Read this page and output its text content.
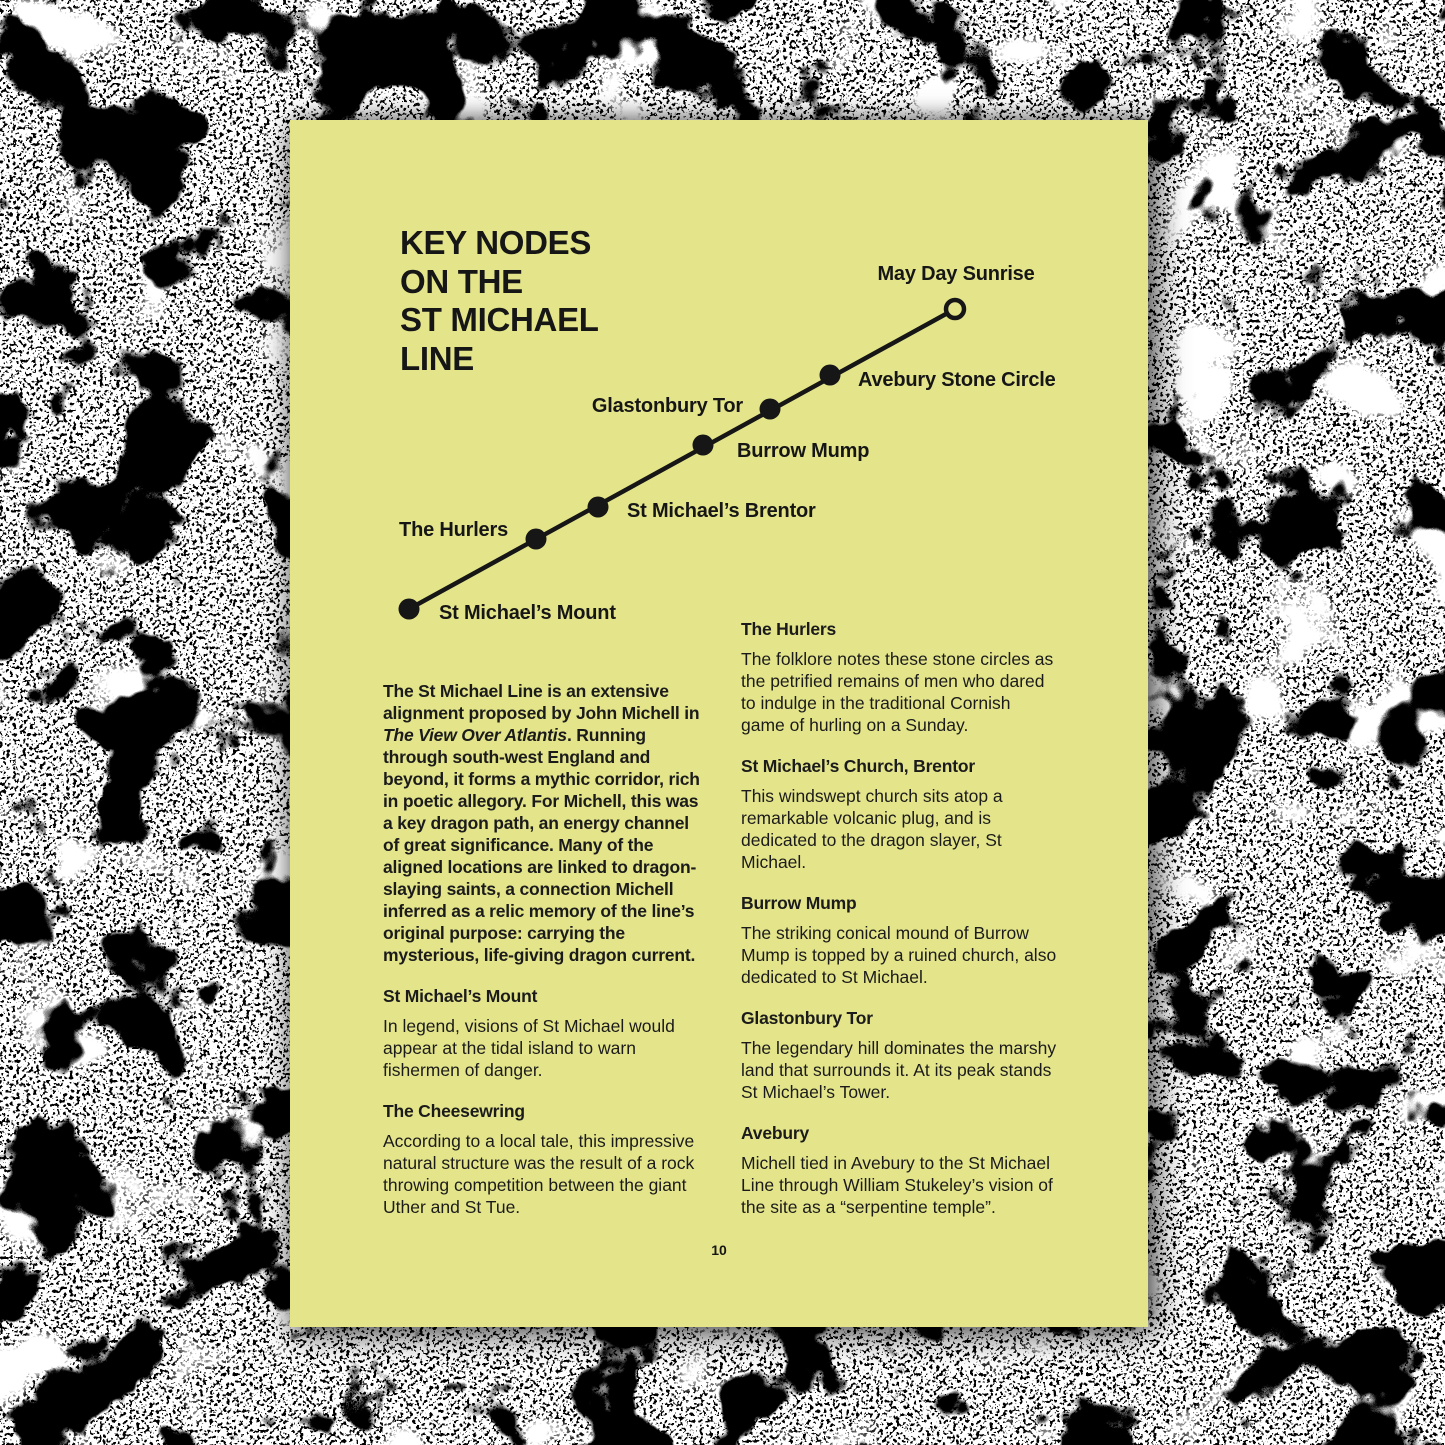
KEY NODES
ON THE
ST MICHAEL
LINE
May Day Sunrise
Avebury Stone Circle
Glastonbury Tor
Burrow Mump
St Michael’s Brentor
The Hurlers
St Michael’s Mount

The St Michael Line is an extensive alignment proposed by John Michell in The View Over Atlantis. Running through south-west England and beyond, it forms a mythic corridor, rich in poetic allegory. For Michell, this was a key dragon path, an energy channel of great significance. Many of the aligned locations are linked to dragon-slaying saints, a connection Michell inferred as a relic memory of the line’s original purpose: carrying the mysterious, life-giving dragon current.

St Michael’s Mount

In legend, visions of St Michael would appear at the tidal island to warn fishermen of danger.

The Cheesewring

According to a local tale, this impressive natural structure was the result of a rock throwing competition between the giant Uther and St Tue.

The Hurlers

The folklore notes these stone circles as the petrified remains of men who dared to indulge in the traditional Cornish game of hurling on a Sunday.

St Michael’s Church, Brentor

This windswept church sits atop a remarkable volcanic plug, and is dedicated to the dragon slayer, St Michael.

Burrow Mump

The striking conical mound of Burrow Mump is topped by a ruined church, also dedicated to St Michael.

Glastonbury Tor

The legendary hill dominates the marshy land that surrounds it. At its peak stands St Michael’s Tower.

Avebury

Michell tied in Avebury to the St Michael Line through William Stukeley’s vision of the site as a “serpentine temple”.

10
